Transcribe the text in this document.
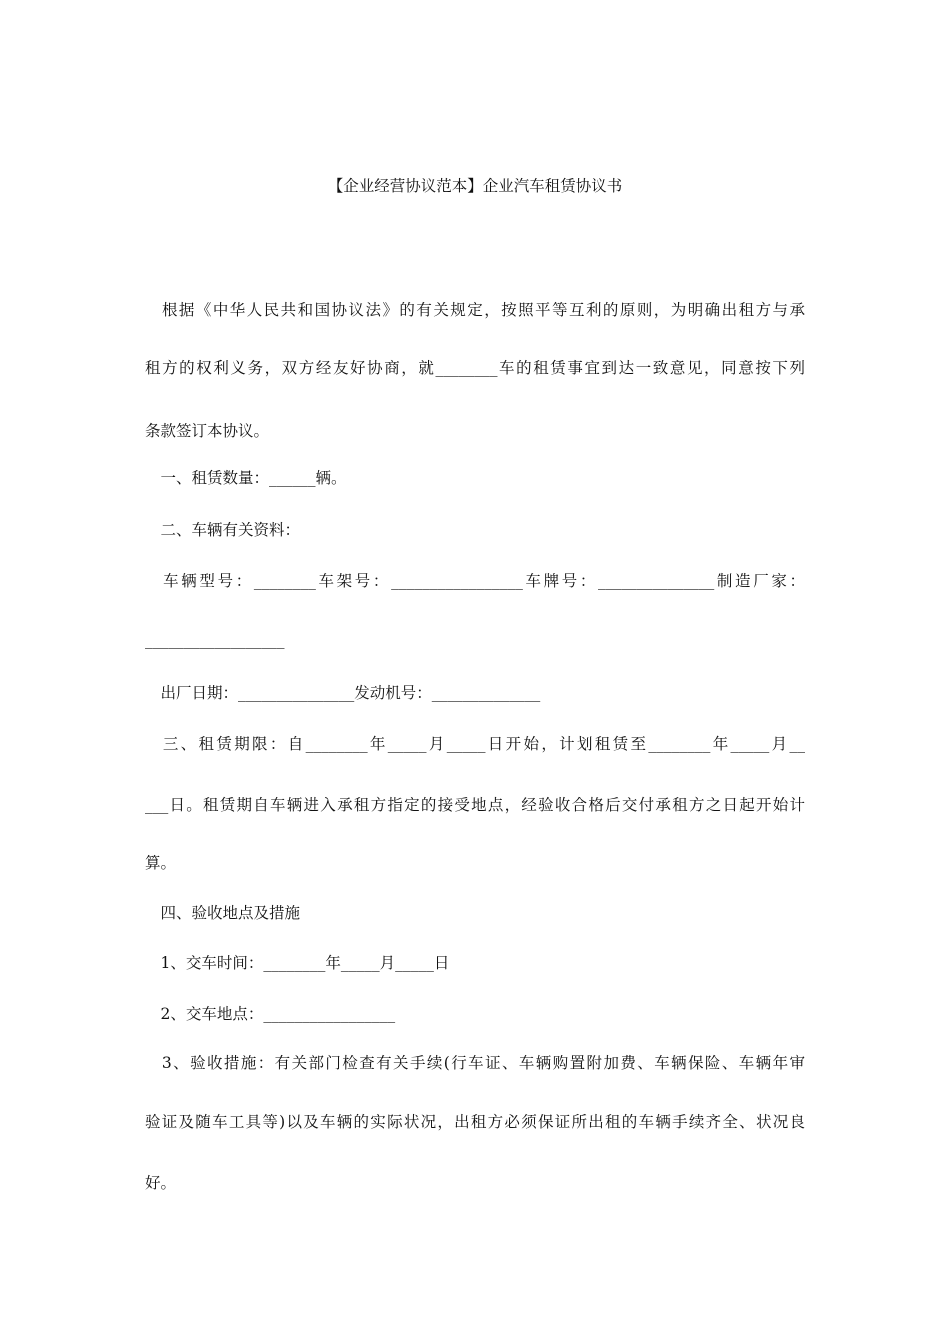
【企业经营协议范本】企业汽车租赁协议书
　根据《中华人民共和国协议法》的有关规定，按照平等互利的原则，为明确出租方与承
租方的权利义务，双方经友好协商，就________车的租赁事宜到达一致意见，同意按下列
条款签订本协议。
　一、租赁数量：______辆。
　二、车辆有关资料：
　车辆型号：________车架号：_________________车牌号：_______________制造厂家：
__________________
　出厂日期：_______________发动机号：______________
　三、租赁期限：自________年_____月_____日开始，计划租赁至________年_____月__
___日。租赁期自车辆进入承租方指定的接受地点，经验收合格后交付承租方之日起开始计
算。
　四、验收地点及措施
　1、交车时间：________年_____月_____日
　2、交车地点：_________________
　3、验收措施：有关部门检查有关手续(行车证、车辆购置附加费、车辆保险、车辆年审
验证及随车工具等)以及车辆的实际状况，出租方必须保证所出租的车辆手续齐全、状况良
好。
